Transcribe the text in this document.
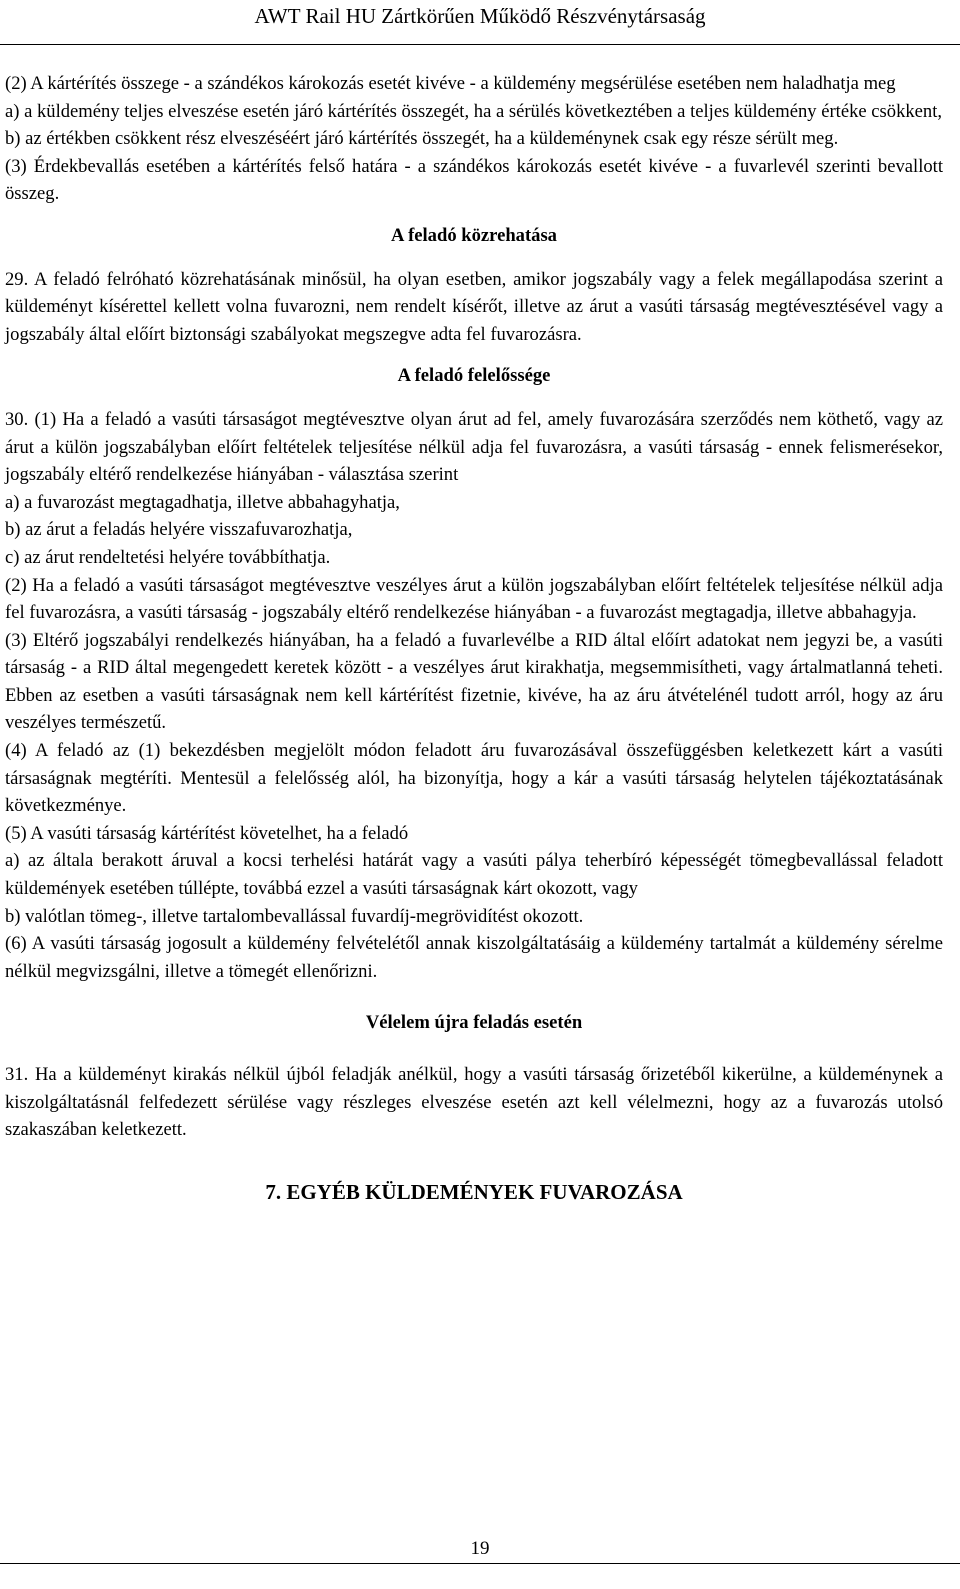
AWT Rail HU Zártkörűen Működő Részvénytársaság

(2) A kártérítés összege - a szándékos károkozás esetét kivéve - a küldemény megsérülése esetében nem haladhatja meg

a) a küldemény teljes elveszése esetén járó kártérítés összegét, ha a sérülés következtében a teljes küldemény értéke csökkent,

b) az értékben csökkent rész elveszéséért járó kártérítés összegét, ha a küldeménynek csak egy része sérült meg.

(3) Érdekbevallás esetében a kártérítés felső határa - a szándékos károkozás esetét kivéve - a fuvarlevél szerinti bevallott összeg.

A feladó közrehatása

29. A feladó felróható közrehatásának minősül, ha olyan esetben, amikor jogszabály vagy a felek megállapodása szerint a küldeményt kísérettel kellett volna fuvarozni, nem rendelt kísérőt, illetve az árut a vasúti társaság megtévesztésével vagy a jogszabály által előírt biztonsági szabályokat megszegve adta fel fuvarozásra.

A feladó felelőssége

30. (1) Ha a feladó a vasúti társaságot megtévesztve olyan árut ad fel, amely fuvarozására szerződés nem köthető, vagy az árut a külön jogszabályban előírt feltételek teljesítése nélkül adja fel fuvarozásra, a vasúti társaság - ennek felismerésekor, jogszabály eltérő rendelkezése hiányában - választása szerint

a) a fuvarozást megtagadhatja, illetve abbahagyhatja,

b) az árut a feladás helyére visszafuvarozhatja,

c) az árut rendeltetési helyére továbbíthatja.

(2) Ha a feladó a vasúti társaságot megtévesztve veszélyes árut a külön jogszabályban előírt feltételek teljesítése nélkül adja fel fuvarozásra, a vasúti társaság - jogszabály eltérő rendelkezése hiányában - a fuvarozást megtagadja, illetve abbahagyja.

(3) Eltérő jogszabályi rendelkezés hiányában, ha a feladó a fuvarlevélbe a RID által előírt adatokat nem jegyzi be, a vasúti társaság - a RID által megengedett keretek között - a veszélyes árut kirakhatja, megsemmisítheti, vagy ártalmatlanná teheti. Ebben az esetben a vasúti társaságnak nem kell kártérítést fizetnie, kivéve, ha az áru átvételénél tudott arról, hogy az áru veszélyes természetű.

(4) A feladó az (1) bekezdésben megjelölt módon feladott áru fuvarozásával összefüggésben keletkezett kárt a vasúti társaságnak megtéríti. Mentesül a felelősség alól, ha bizonyítja, hogy a kár a vasúti társaság helytelen tájékoztatásának következménye.

(5) A vasúti társaság kártérítést követelhet, ha a feladó

a) az általa berakott áruval a kocsi terhelési határát vagy a vasúti pálya teherbíró képességét tömegbevallással feladott küldemények esetében túllépte, továbbá ezzel a vasúti társaságnak kárt okozott, vagy

b) valótlan tömeg-, illetve tartalombevallással fuvardíj-megrövidítést okozott.

(6) A vasúti társaság jogosult a küldemény felvételétől annak kiszolgáltatásáig a küldemény tartalmát a küldemény sérelme nélkül megvizsgálni, illetve a tömegét ellenőrizni.

Vélelem újra feladás esetén

31. Ha a küldeményt kirakás nélkül újból feladják anélkül, hogy a vasúti társaság őrizetéből kikerülne, a küldeménynek a kiszolgáltatásnál felfedezett sérülése vagy részleges elveszése esetén azt kell vélelmezni, hogy az a fuvarozás utolsó szakaszában keletkezett.

7. EGYÉB KÜLDEMÉNYEK FUVAROZÁSA
19
